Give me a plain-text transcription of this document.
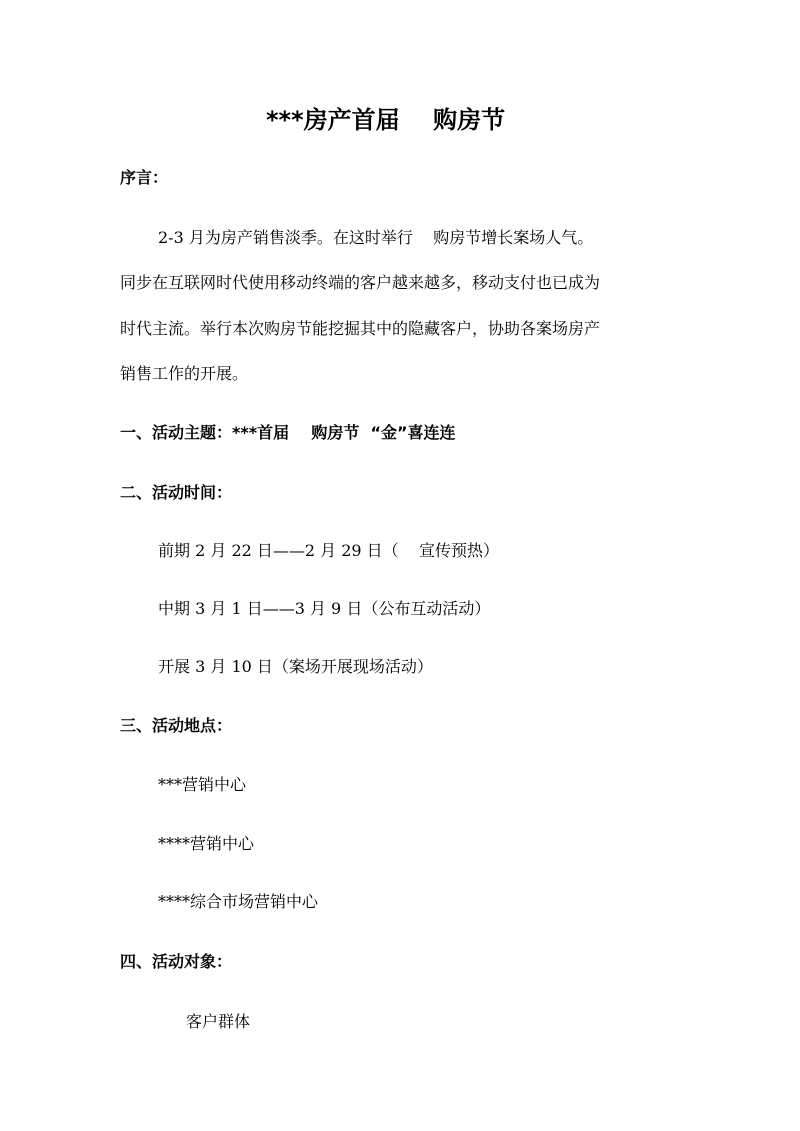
***房产首届    购房节
序言：
2-3 月为房产销售淡季。在这时举行    购房节增长案场人气。
同步在互联网时代使用移动终端的客户越来越多，移动支付也已成为
时代主流。举行本次购房节能挖掘其中的隐藏客户，协助各案场房产
销售工作的开展。
一、活动主题：***首届    购房节  “金”喜连连
二、活动时间：
前期 2 月 22 日——2 月 29 日（    宣传预热）
中期 3 月 1 日——3 月 9 日（公布互动活动）
开展 3 月 10 日（案场开展现场活动）
三、活动地点：
***营销中心
****营销中心
****综合市场营销中心
四、活动对象：
客户群体
